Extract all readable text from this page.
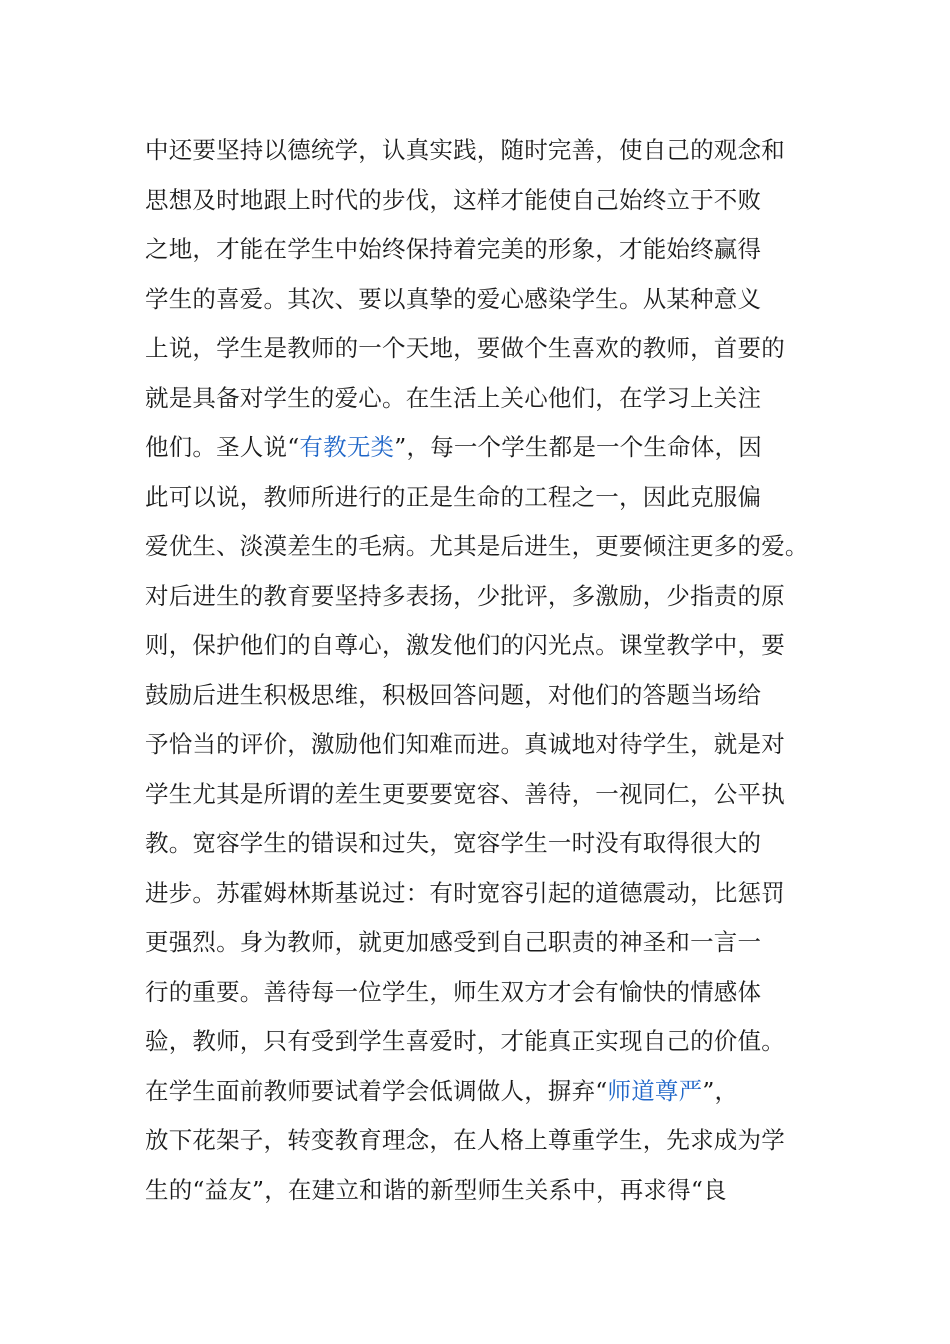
中还要坚持以德统学，认真实践，随时完善，使自己的观念和
思想及时地跟上时代的步伐，这样才能使自己始终立于不败
之地，才能在学生中始终保持着完美的形象，才能始终赢得
学生的喜爱。其次、要以真挚的爱心感染学生。从某种意义
上说，学生是教师的一个天地，要做个生喜欢的教师，首要的
就是具备对学生的爱心。在生活上关心他们，在学习上关注
他们。圣人说“有教无类”，每一个学生都是一个生命体，因
此可以说，教师所进行的正是生命的工程之一，因此克服偏
爱优生、淡漠差生的毛病。尤其是后进生，更要倾注更多的爱。
对后进生的教育要坚持多表扬，少批评，多激励，少指责的原
则，保护他们的自尊心，激发他们的闪光点。课堂教学中，要
鼓励后进生积极思维，积极回答问题，对他们的答题当场给
予恰当的评价，激励他们知难而进。真诚地对待学生，就是对
学生尤其是所谓的差生更要要宽容、善待，一视同仁，公平执
教。宽容学生的错误和过失，宽容学生一时没有取得很大的
进步。苏霍姆林斯基说过：有时宽容引起的道德震动，比惩罚
更强烈。身为教师，就更加感受到自己职责的神圣和一言一
行的重要。善待每一位学生，师生双方才会有愉快的情感体
验，教师，只有受到学生喜爱时，才能真正实现自己的价值。
在学生面前教师要试着学会低调做人，摒弃“师道尊严”，
放下花架子，转变教育理念，在人格上尊重学生，先求成为学
生的“益友”，在建立和谐的新型师生关系中，再求得“良
